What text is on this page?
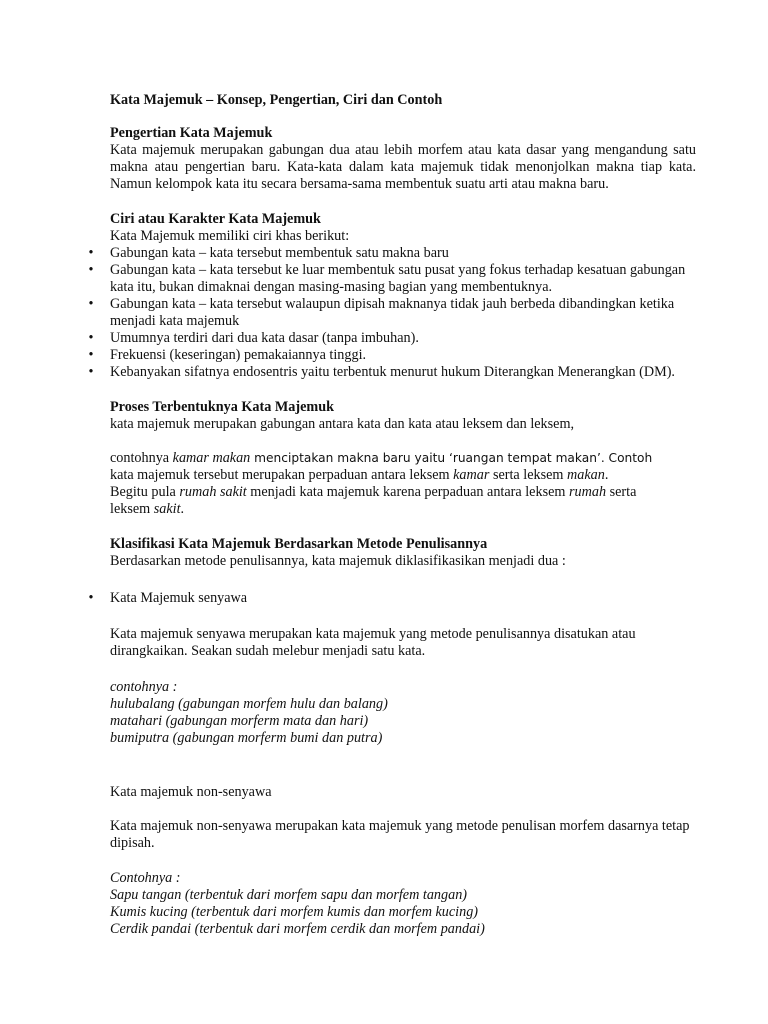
Kata Majemuk – Konsep, Pengertian, Ciri dan Contoh

Pengertian Kata Majemuk

Kata majemuk merupakan gabungan dua atau lebih morfem atau kata dasar yang mengandung satu makna atau pengertian baru. Kata-kata dalam kata majemuk tidak menonjolkan makna tiap kata. Namun kelompok kata itu secara bersama-sama membentuk suatu arti atau makna baru.

Ciri atau Karakter Kata Majemuk

Kata Majemuk memiliki ciri khas berikut:

• Gabungan kata – kata tersebut membentuk satu makna baru
• Gabungan kata – kata tersebut ke luar membentuk satu pusat yang fokus terhadap kesatuan gabungan kata itu, bukan dimaknai dengan masing-masing bagian yang membentuknya.
• Gabungan kata – kata tersebut walaupun dipisah maknanya tidak jauh berbeda dibandingkan ketika menjadi kata majemuk
• Umumnya terdiri dari dua kata dasar (tanpa imbuhan).
• Frekuensi (keseringan) pemakaiannya tinggi.
• Kebanyakan sifatnya endosentris yaitu terbentuk menurut hukum Diterangkan Menerangkan (DM).

Proses Terbentuknya Kata Majemuk

kata majemuk merupakan gabungan antara kata dan kata atau leksem dan leksem,

contohnya kamar makan menciptakan makna baru yaitu ‘ruangan tempat makan’. Contoh
kata majemuk tersebut merupakan perpaduan antara leksem kamar serta leksem makan.
Begitu pula rumah sakit menjadi kata majemuk karena perpaduan antara leksem rumah serta
leksem sakit.

Klasifikasi Kata Majemuk Berdasarkan Metode Penulisannya

Berdasarkan metode penulisannya, kata majemuk diklasifikasikan menjadi dua :

• Kata Majemuk senyawa

Kata majemuk senyawa merupakan kata majemuk yang metode penulisannya disatukan atau dirangkaikan. Seakan sudah melebur menjadi satu kata.

contohnya :
hulubalang (gabungan morfem hulu dan balang)
matahari (gabungan morferm mata dan hari)
bumiputra (gabungan morferm bumi dan putra)

Kata majemuk non-senyawa

Kata majemuk non-senyawa merupakan kata majemuk yang metode penulisan morfem dasarnya tetap dipisah.

Contohnya :
Sapu tangan (terbentuk dari morfem sapu dan morfem tangan)
Kumis kucing (terbentuk dari morfem kumis dan morfem kucing)
Cerdik pandai (terbentuk dari morfem cerdik dan morfem pandai)
